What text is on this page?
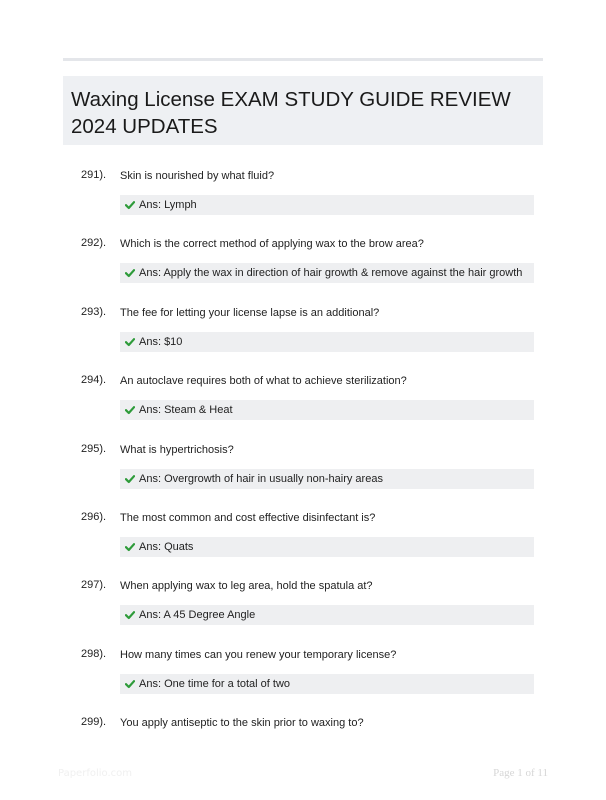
Waxing License EXAM STUDY GUIDE REVIEW
2024 UPDATES
291). Skin is nourished by what fluid?
Ans: Lymph
292). Which is the correct method of applying wax to the brow area?
Ans: Apply the wax in direction of hair growth & remove against the hair growth
293). The fee for letting your license lapse is an additional?
Ans: $10
294). An autoclave requires both of what to achieve sterilization?
Ans: Steam & Heat
295). What is hypertrichosis?
Ans: Overgrowth of hair in usually non-hairy areas
296). The most common and cost effective disinfectant is?
Ans: Quats
297). When applying wax to leg area, hold the spatula at?
Ans: A 45 Degree Angle
298). How many times can you renew your temporary license?
Ans: One time for a total of two
299). You apply antiseptic to the skin prior to waxing to?
Paperfolio.com	Page 1 of 11
